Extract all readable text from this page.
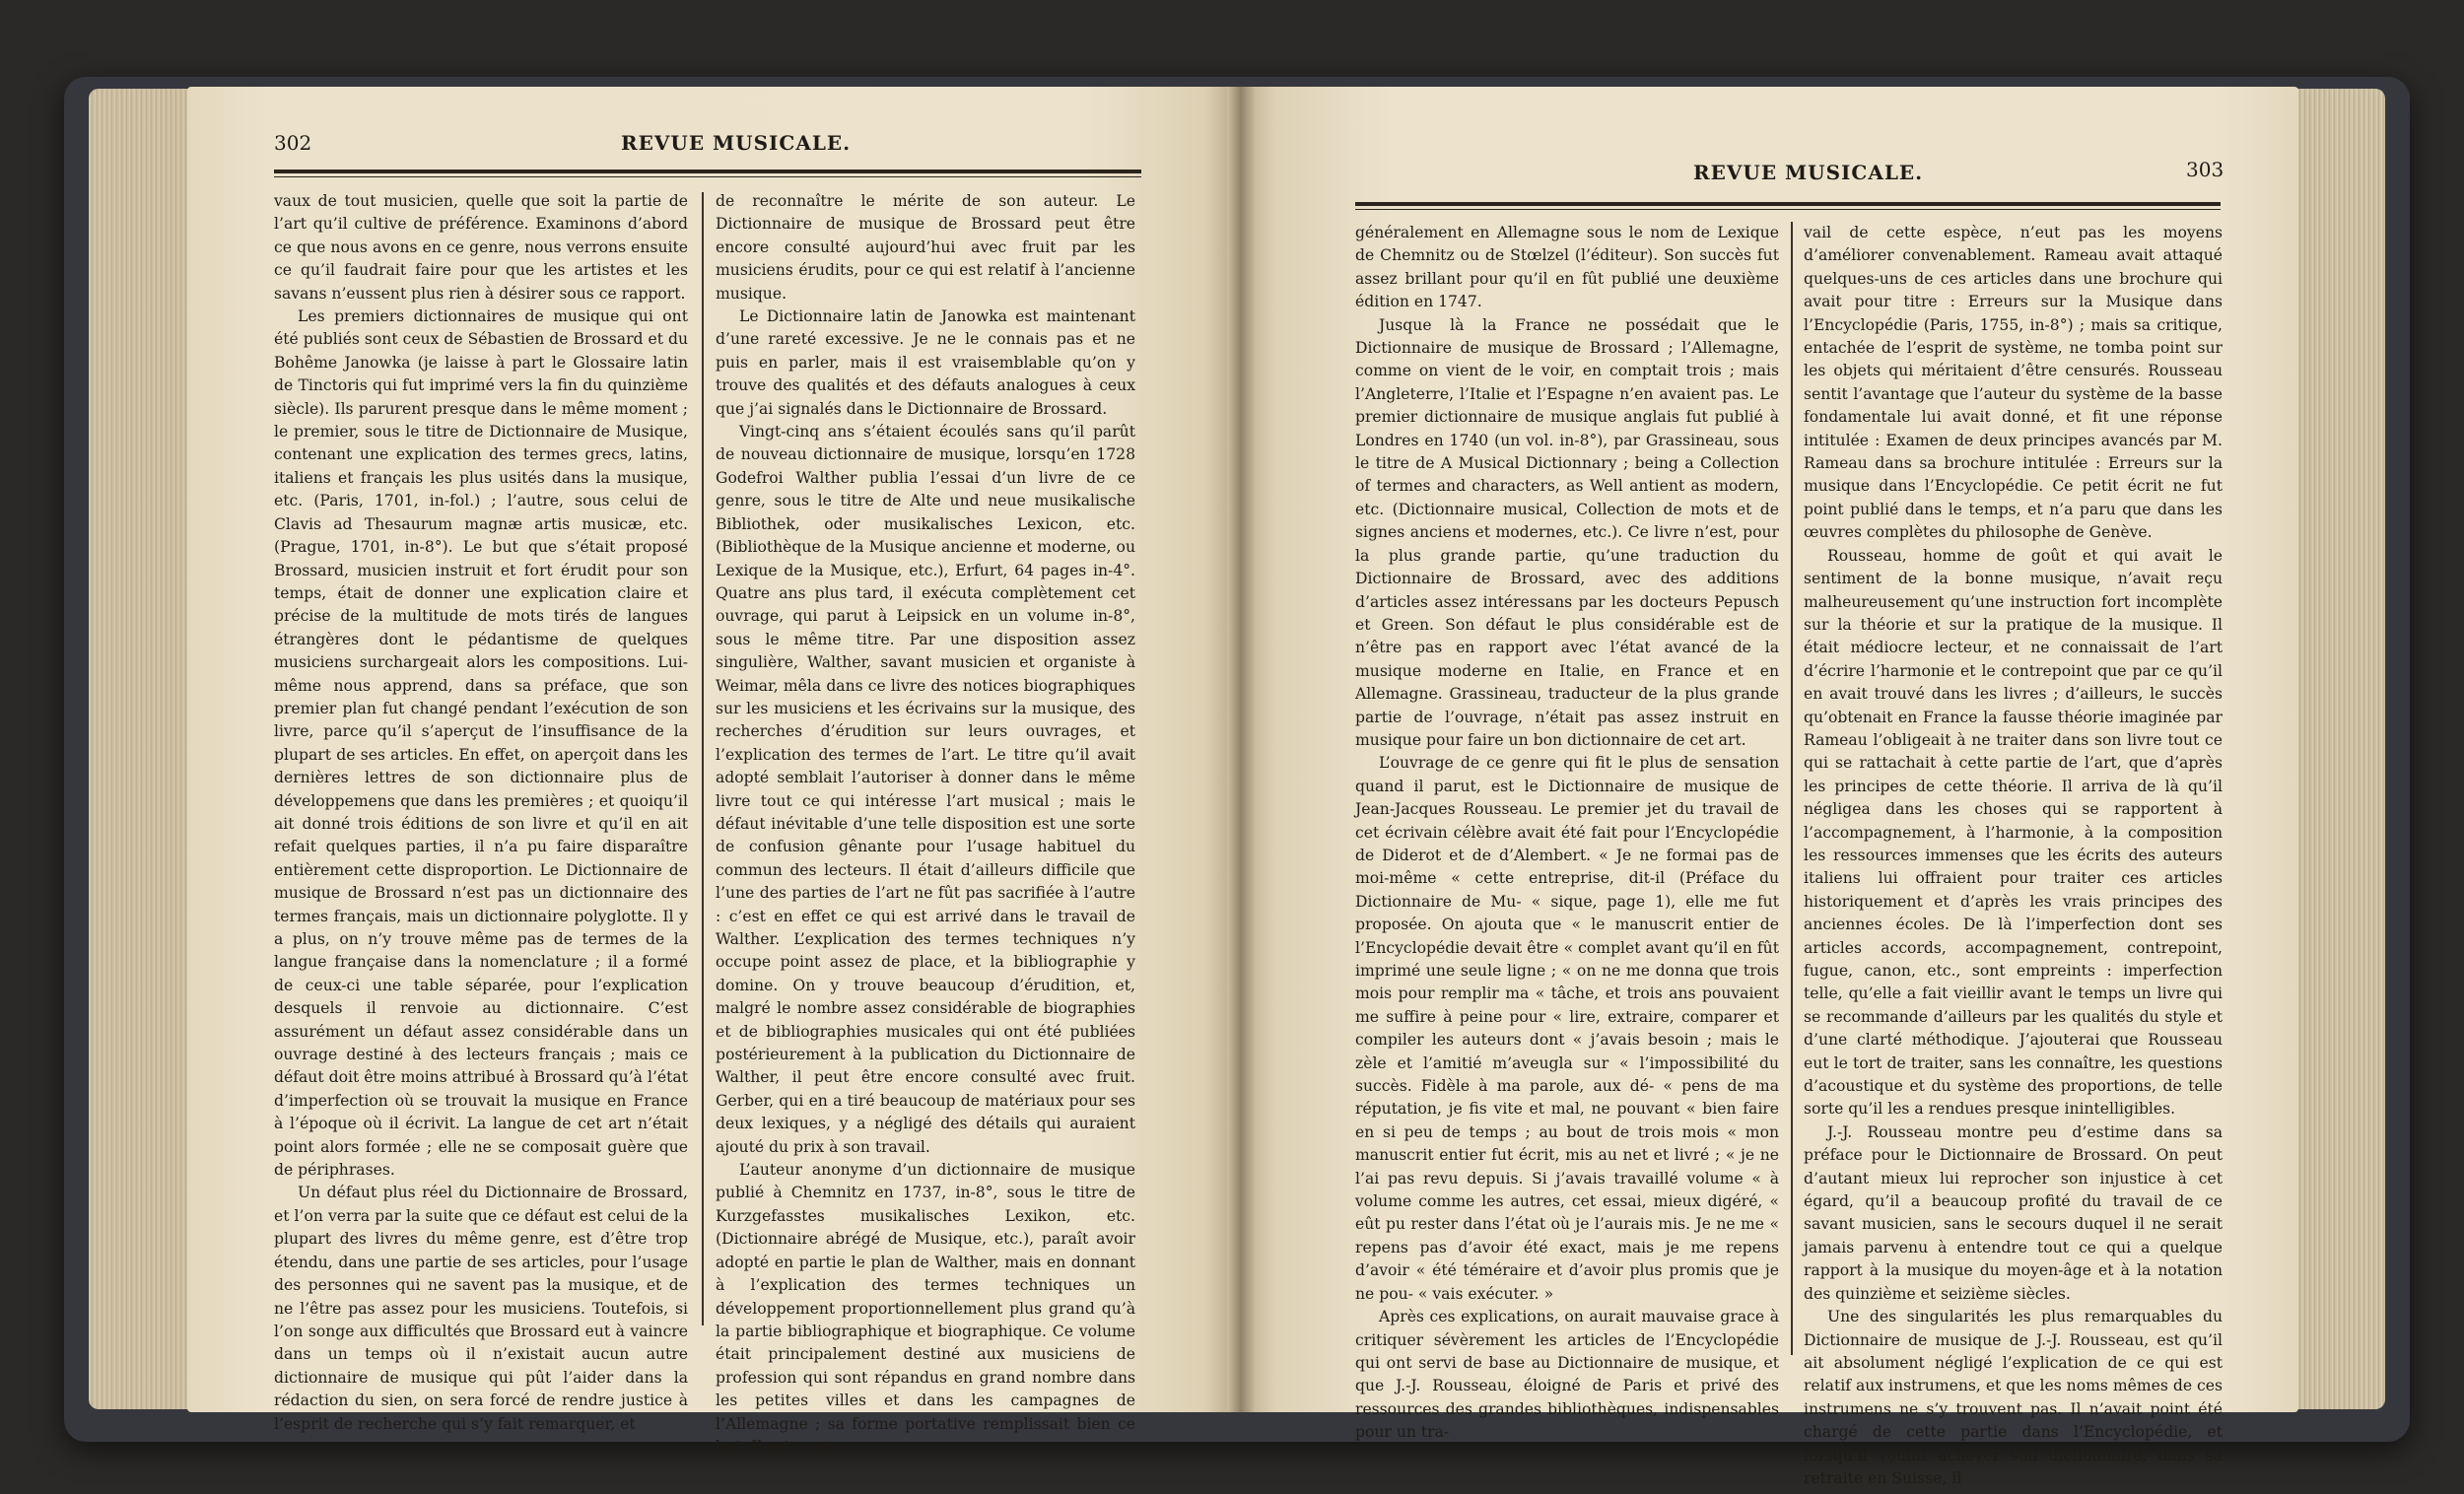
302	REVUE MUSICALE.

vaux de tout musicien, quelle que soit la partie de l’art qu’il cultive de préférence. Examinons d’abord ce que nous avons en ce genre, nous verrons ensuite ce qu’il faudrait faire pour que les artistes et les savans n’eussent plus rien à désirer sous ce rapport.

Les premiers dictionnaires de musique qui ont été publiés sont ceux de Sébastien de Brossard et du Bohême Janowka (je laisse à part le Glossaire latin de Tinctoris qui fut imprimé vers la fin du quinzième siècle). Ils parurent presque dans le même moment ; le premier, sous le titre de Dictionnaire de Musique, contenant une explication des termes grecs, latins, italiens et français les plus usités dans la musique, etc. (Paris, 1701, in-fol.) ; l’autre, sous celui de Clavis ad Thesaurum magnæ artis musicæ, etc. (Prague, 1701, in-8°). Le but que s’était proposé Brossard, musicien instruit et fort érudit pour son temps, était de donner une explication claire et précise de la multitude de mots tirés de langues étrangères dont le pédantisme de quelques musiciens surchargeait alors les compositions. Lui-même nous apprend, dans sa préface, que son premier plan fut changé pendant l’exécution de son livre, parce qu’il s’aperçut de l’insuffisance de la plupart de ses articles. En effet, on aperçoit dans les dernières lettres de son dictionnaire plus de développemens que dans les premières ; et quoiqu’il ait donné trois éditions de son livre et qu’il en ait refait quelques parties, il n’a pu faire disparaître entièrement cette disproportion. Le Dictionnaire de musique de Brossard n’est pas un dictionnaire des termes français, mais un dictionnaire polyglotte. Il y a plus, on n’y trouve même pas de termes de la langue française dans la nomenclature ; il a formé de ceux-ci une table séparée, pour l’explication desquels il renvoie au dictionnaire. C’est assurément un défaut assez considérable dans un ouvrage destiné à des lecteurs français ; mais ce défaut doit être moins attribué à Brossard qu’à l’état d’imperfection où se trouvait la musique en France à l’époque où il écrivit. La langue de cet art n’était point alors formée ; elle ne se composait guère que de périphrases.

Un défaut plus réel du Dictionnaire de Brossard, et l’on verra par la suite que ce défaut est celui de la plupart des livres du même genre, est d’être trop étendu, dans une partie de ses articles, pour l’usage des personnes qui ne savent pas la musique, et de ne l’être pas assez pour les musiciens. Toutefois, si l’on songe aux difficultés que Brossard eut à vaincre dans un temps où il n’existait aucun autre dictionnaire de musique qui pût l’aider dans la rédaction du sien, on sera forcé de rendre justice à l’esprit de recherche qui s’y fait remarquer, et

de reconnaître le mérite de son auteur. Le Dictionnaire de musique de Brossard peut être encore consulté aujourd’hui avec fruit par les musiciens érudits, pour ce qui est relatif à l’ancienne musique.

Le Dictionnaire latin de Janowka est maintenant d’une rareté excessive. Je ne le connais pas et ne puis en parler, mais il est vraisemblable qu’on y trouve des qualités et des défauts analogues à ceux que j’ai signalés dans le Dictionnaire de Brossard.

Vingt-cinq ans s’étaient écoulés sans qu’il parût de nouveau dictionnaire de musique, lorsqu’en 1728 Godefroi Walther publia l’essai d’un livre de ce genre, sous le titre de Alte und neue musikalische Bibliothek, oder musikalisches Lexicon, etc. (Bibliothèque de la Musique ancienne et moderne, ou Lexique de la Musique, etc.), Erfurt, 64 pages in-4°. Quatre ans plus tard, il exécuta complètement cet ouvrage, qui parut à Leipsick en un volume in-8°, sous le même titre. Par une disposition assez singulière, Walther, savant musicien et organiste à Weimar, mêla dans ce livre des notices biographiques sur les musiciens et les écrivains sur la musique, des recherches d’érudition sur leurs ouvrages, et l’explication des termes de l’art. Le titre qu’il avait adopté semblait l’autoriser à donner dans le même livre tout ce qui intéresse l’art musical ; mais le défaut inévitable d’une telle disposition est une sorte de confusion gênante pour l’usage habituel du commun des lecteurs. Il était d’ailleurs difficile que l’une des parties de l’art ne fût pas sacrifiée à l’autre : c’est en effet ce qui est arrivé dans le travail de Walther. L’explication des termes techniques n’y occupe point assez de place, et la bibliographie y domine. On y trouve beaucoup d’érudition, et, malgré le nombre assez considérable de biographies et de bibliographies musicales qui ont été publiées postérieurement à la publication du Dictionnaire de Walther, il peut être encore consulté avec fruit. Gerber, qui en a tiré beaucoup de matériaux pour ses deux lexiques, y a négligé des détails qui auraient ajouté du prix à son travail.

L’auteur anonyme d’un dictionnaire de musique publié à Chemnitz en 1737, in-8°, sous le titre de Kurzgefasstes musikalisches Lexikon, etc. (Dictionnaire abrégé de Musique, etc.), paraît avoir adopté en partie le plan de Walther, mais en donnant à l’explication des termes techniques un développement proportionnellement plus grand qu’à la partie bibliographique et biographique. Ce volume était principalement destiné aux musiciens de profession qui sont répandus en grand nombre dans les petites villes et dans les campagnes de l’Allemagne ; sa forme portative remplissait bien ce but. Il est connu

REVUE MUSICALE.	303

généralement en Allemagne sous le nom de Lexique de Chemnitz ou de Stœlzel (l’éditeur). Son succès fut assez brillant pour qu’il en fût publié une deuxième édition en 1747.

Jusque là la France ne possédait que le Dictionnaire de musique de Brossard ; l’Allemagne, comme on vient de le voir, en comptait trois ; mais l’Angleterre, l’Italie et l’Espagne n’en avaient pas. Le premier dictionnaire de musique anglais fut publié à Londres en 1740 (un vol. in-8°), par Grassineau, sous le titre de A Musical Dictionnary ; being a Collection of termes and characters, as Well antient as modern, etc. (Dictionnaire musical, Collection de mots et de signes anciens et modernes, etc.). Ce livre n’est, pour la plus grande partie, qu’une traduction du Dictionnaire de Brossard, avec des additions d’articles assez intéressans par les docteurs Pepusch et Green. Son défaut le plus considérable est de n’être pas en rapport avec l’état avancé de la musique moderne en Italie, en France et en Allemagne. Grassineau, traducteur de la plus grande partie de l’ouvrage, n’était pas assez instruit en musique pour faire un bon dictionnaire de cet art.

L’ouvrage de ce genre qui fit le plus de sensation quand il parut, est le Dictionnaire de musique de Jean-Jacques Rousseau. Le premier jet du travail de cet écrivain célèbre avait été fait pour l’Encyclopédie de Diderot et de d’Alembert. « Je ne formai pas de moi-même « cette entreprise, dit-il (Préface du Dictionnaire de Mu- « sique, page 1), elle me fut proposée. On ajouta que « le manuscrit entier de l’Encyclopédie devait être « complet avant qu’il en fût imprimé une seule ligne ; « on ne me donna que trois mois pour remplir ma « tâche, et trois ans pouvaient me suffire à peine pour « lire, extraire, comparer et compiler les auteurs dont « j’avais besoin ; mais le zèle et l’amitié m’aveugla sur « l’impossibilité du succès. Fidèle à ma parole, aux dé- « pens de ma réputation, je fis vite et mal, ne pouvant « bien faire en si peu de temps ; au bout de trois mois « mon manuscrit entier fut écrit, mis au net et livré ; « je ne l’ai pas revu depuis. Si j’avais travaillé volume « à volume comme les autres, cet essai, mieux digéré, « eût pu rester dans l’état où je l’aurais mis. Je ne me « repens pas d’avoir été exact, mais je me repens d’avoir « été téméraire et d’avoir plus promis que je ne pou- « vais exécuter. »

Après ces explications, on aurait mauvaise grace à critiquer sévèrement les articles de l’Encyclopédie qui ont servi de base au Dictionnaire de musique, et que J.-J. Rousseau, éloigné de Paris et privé des ressources des grandes bibliothèques, indispensables pour un tra-

vail de cette espèce, n’eut pas les moyens d’améliorer convenablement. Rameau avait attaqué quelques-uns de ces articles dans une brochure qui avait pour titre : Erreurs sur la Musique dans l’Encyclopédie (Paris, 1755, in-8°) ; mais sa critique, entachée de l’esprit de système, ne tomba point sur les objets qui méritaient d’être censurés. Rousseau sentit l’avantage que l’auteur du système de la basse fondamentale lui avait donné, et fit une réponse intitulée : Examen de deux principes avancés par M. Rameau dans sa brochure intitulée : Erreurs sur la musique dans l’Encyclopédie. Ce petit écrit ne fut point publié dans le temps, et n’a paru que dans les œuvres complètes du philosophe de Genève.

Rousseau, homme de goût et qui avait le sentiment de la bonne musique, n’avait reçu malheureusement qu’une instruction fort incomplète sur la théorie et sur la pratique de la musique. Il était médiocre lecteur, et ne connaissait de l’art d’écrire l’harmonie et le contrepoint que par ce qu’il en avait trouvé dans les livres ; d’ailleurs, le succès qu’obtenait en France la fausse théorie imaginée par Rameau l’obligeait à ne traiter dans son livre tout ce qui se rattachait à cette partie de l’art, que d’après les principes de cette théorie. Il arriva de là qu’il négligea dans les choses qui se rapportent à l’accompagnement, à l’harmonie, à la composition les ressources immenses que les écrits des auteurs italiens lui offraient pour traiter ces articles historiquement et d’après les vrais principes des anciennes écoles. De là l’imperfection dont ses articles accords, accompagnement, contrepoint, fugue, canon, etc., sont empreints : imperfection telle, qu’elle a fait vieillir avant le temps un livre qui se recommande d’ailleurs par les qualités du style et d’une clarté méthodique. J’ajouterai que Rousseau eut le tort de traiter, sans les connaître, les questions d’acoustique et du système des proportions, de telle sorte qu’il les a rendues presque inintelligibles.

J.-J. Rousseau montre peu d’estime dans sa préface pour le Dictionnaire de Brossard. On peut d’autant mieux lui reprocher son injustice à cet égard, qu’il a beaucoup profité du travail de ce savant musicien, sans le secours duquel il ne serait jamais parvenu à entendre tout ce qui a quelque rapport à la musique du moyen-âge et à la notation des quinzième et seizième siècles.

Une des singularités les plus remarquables du Dictionnaire de musique de J.-J. Rousseau, est qu’il ait absolument négligé l’explication de ce qui est relatif aux instrumens, et que les noms mêmes de ces instrumens ne s’y trouvent pas. Il n’avait point été chargé de cette partie dans l’Encyclopédie, et lorsqu’il voulut achever son dictionnaire, dans sa retraite en Suisse, il
